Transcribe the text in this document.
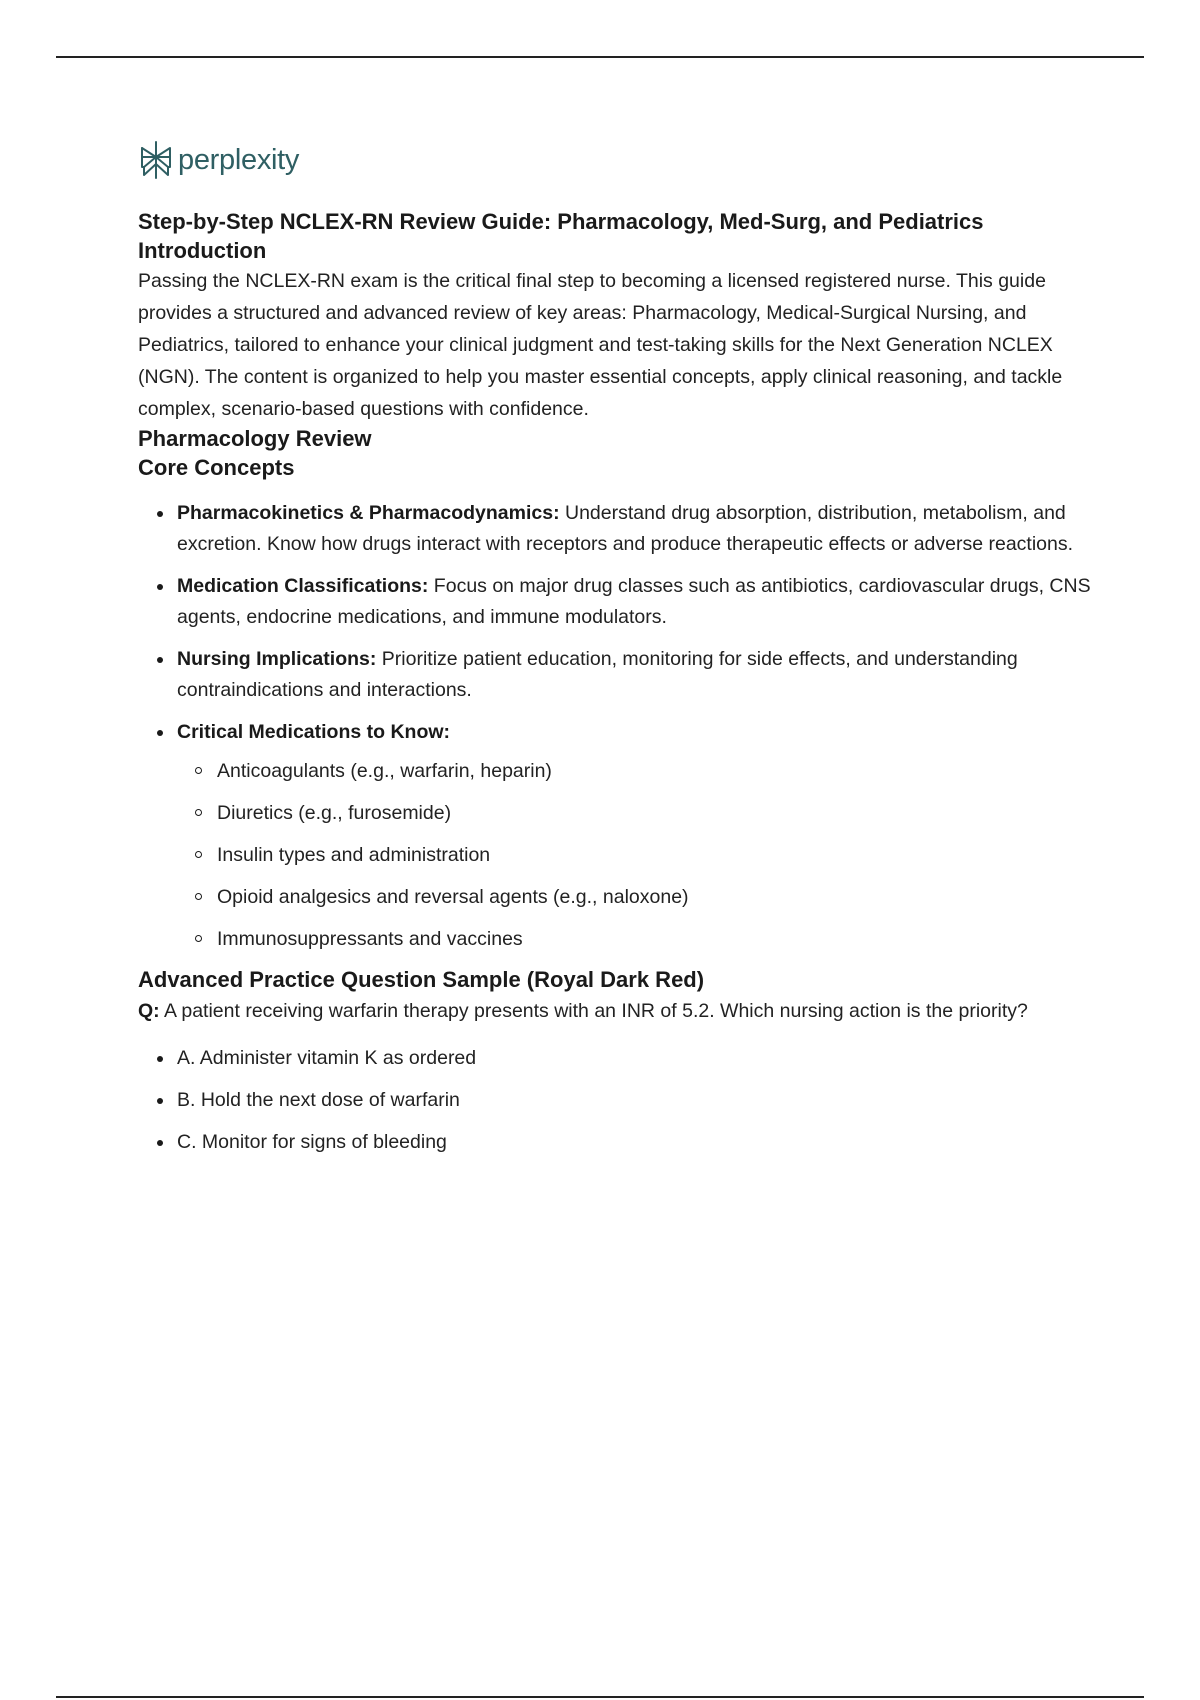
perplexity
Step-by-Step NCLEX-RN Review Guide: Pharmacology, Med-Surg, and Pediatrics
Introduction

Passing the NCLEX-RN exam is the critical final step to becoming a licensed registered nurse. This guide provides a structured and advanced review of key areas: Pharmacology, Medical-Surgical Nursing, and Pediatrics, tailored to enhance your clinical judgment and test-taking skills for the Next Generation NCLEX (NGN). The content is organized to help you master essential concepts, apply clinical reasoning, and tackle complex, scenario-based questions with confidence.

Pharmacology Review
Core Concepts
Pharmacokinetics & Pharmacodynamics: Understand drug absorption, distribution, metabolism, and excretion. Know how drugs interact with receptors and produce therapeutic effects or adverse reactions.
Medication Classifications: Focus on major drug classes such as antibiotics, cardiovascular drugs, CNS agents, endocrine medications, and immune modulators.
Nursing Implications: Prioritize patient education, monitoring for side effects, and understanding contraindications and interactions.
Critical Medications to Know:
Anticoagulants (e.g., warfarin, heparin)
Diuretics (e.g., furosemide)
Insulin types and administration
Opioid analgesics and reversal agents (e.g., naloxone)
Immunosuppressants and vaccines
Advanced Practice Question Sample (Royal Dark Red)

Q: A patient receiving warfarin therapy presents with an INR of 5.2. Which nursing action is the priority?

A. Administer vitamin K as ordered
B. Hold the next dose of warfarin
C. Monitor for signs of bleeding
